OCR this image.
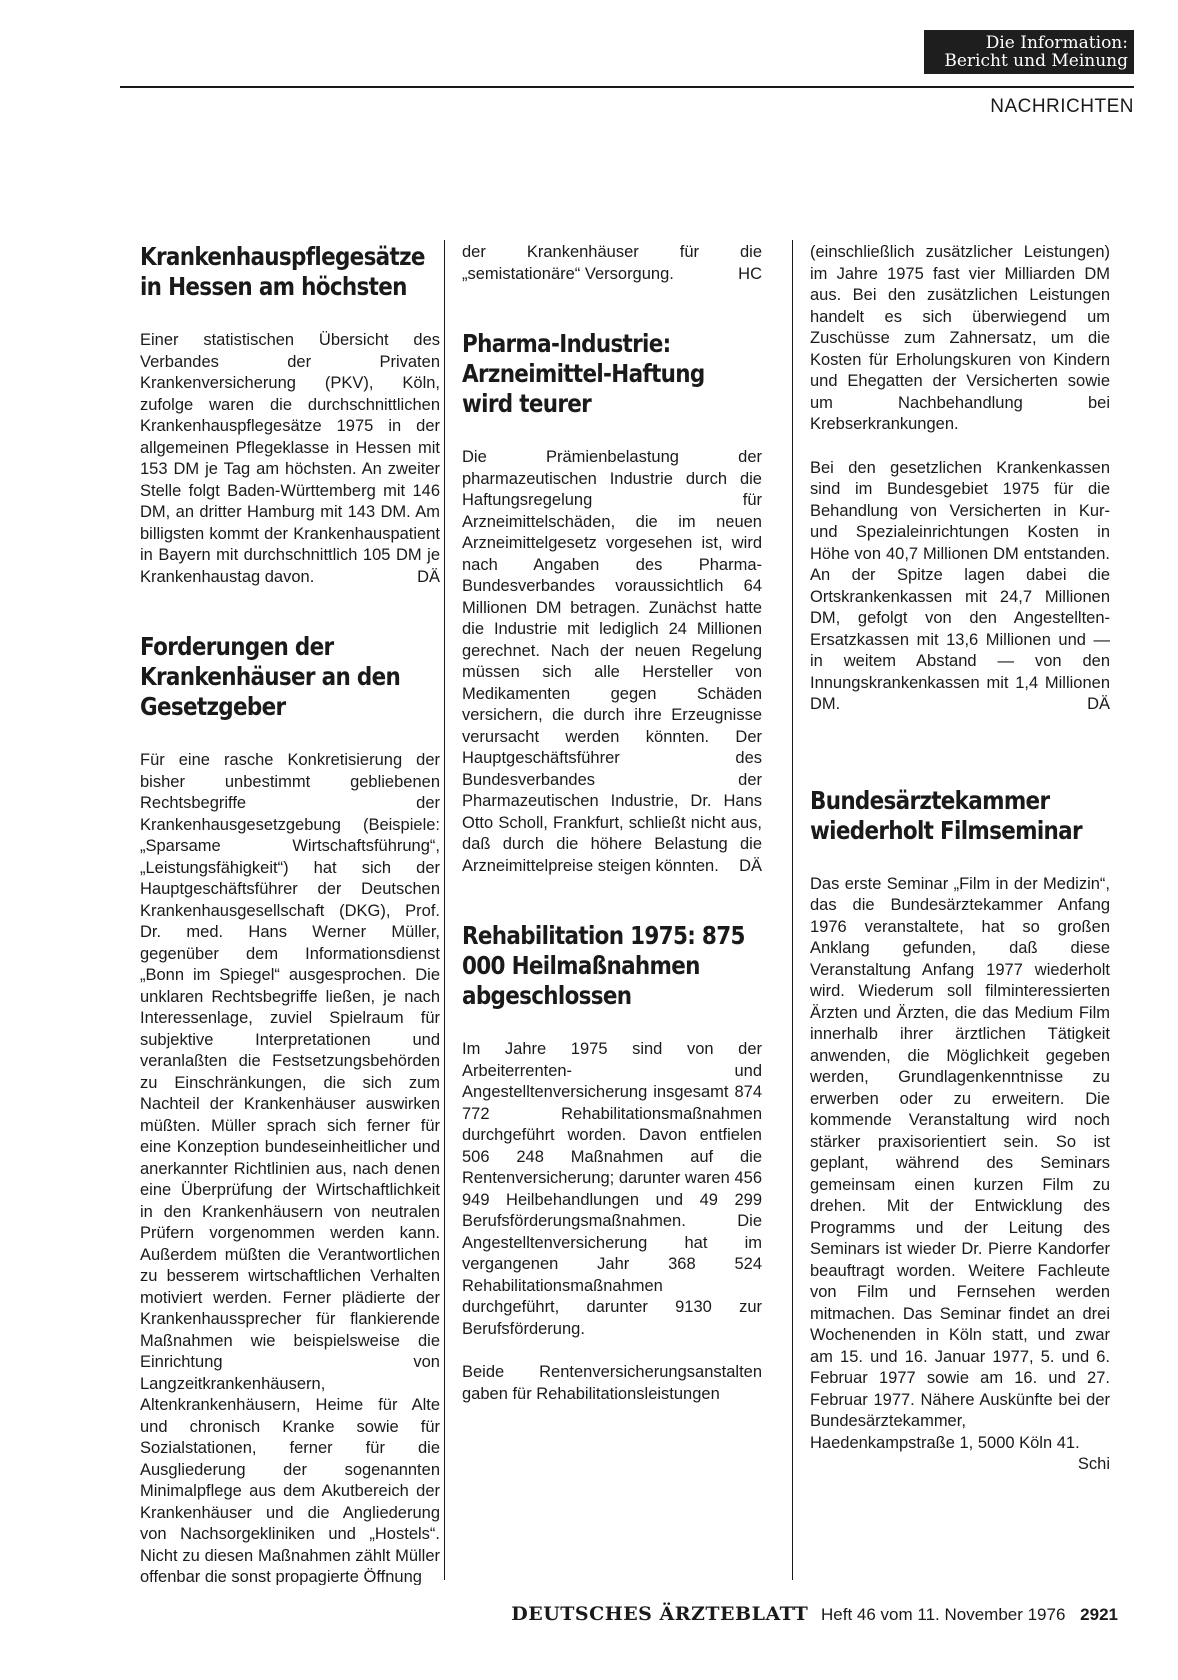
Die Information:
Bericht und Meinung
NACHRICHTEN
Krankenhauspflegesätze in Hessen am höchsten

Einer statistischen Übersicht des Verbandes der Privaten Krankenversicherung (PKV), Köln, zufolge waren die durchschnittlichen Krankenhauspflegesätze 1975 in der allgemeinen Pflegeklasse in Hessen mit 153 DM je Tag am höchsten. An zweiter Stelle folgt Baden-Württemberg mit 146 DM, an dritter Hamburg mit 143 DM. Am billigsten kommt der Krankenhauspatient in Bayern mit durchschnittlich 105 DM je Krankenhaustag davon.	DÄ

Forderungen der Krankenhäuser an den Gesetzgeber

Für eine rasche Konkretisierung der bisher unbestimmt gebliebenen Rechtsbegriffe der Krankenhausgesetzgebung (Beispiele: „Sparsame Wirtschaftsführung“, „Leistungsfähigkeit“) hat sich der Hauptgeschäftsführer der Deutschen Krankenhausgesellschaft (DKG), Prof. Dr. med. Hans Werner Müller, gegenüber dem Informationsdienst „Bonn im Spiegel“ ausgesprochen. Die unklaren Rechtsbegriffe ließen, je nach Interessenlage, zuviel Spielraum für subjektive Interpretationen und veranlaßten die Festsetzungsbehörden zu Einschränkungen, die sich zum Nachteil der Krankenhäuser auswirken müßten. Müller sprach sich ferner für eine Konzeption bundeseinheitlicher und anerkannter Richtlinien aus, nach denen eine Überprüfung der Wirtschaftlichkeit in den Krankenhäusern von neutralen Prüfern vorgenommen werden kann. Außerdem müßten die Verantwortlichen zu besserem wirtschaftlichen Verhalten motiviert werden. Ferner plädierte der Krankenhaussprecher für flankierende Maßnahmen wie beispielsweise die Einrichtung von Langzeitkrankenhäusern, Altenkrankenhäusern, Heime für Alte und chronisch Kranke sowie für Sozialstationen, ferner für die Ausgliederung der sogenannten Minimalpflege aus dem Akutbereich der Krankenhäuser und die Angliederung von Nachsorgekliniken und „Hostels“. Nicht zu diesen Maßnahmen zählt Müller offenbar die sonst propagierte Öffnung

der Krankenhäuser für die „semistationäre“ Versorgung.	HC

Pharma-Industrie: Arzneimittel-Haftung wird teurer

Die Prämienbelastung der pharmazeutischen Industrie durch die Haftungsregelung für Arzneimittelschäden, die im neuen Arzneimittelgesetz vorgesehen ist, wird nach Angaben des Pharma-Bundesverbandes voraussichtlich 64 Millionen DM betragen. Zunächst hatte die Industrie mit lediglich 24 Millionen gerechnet. Nach der neuen Regelung müssen sich alle Hersteller von Medikamenten gegen Schäden versichern, die durch ihre Erzeugnisse verursacht werden könnten. Der Hauptgeschäftsführer des Bundesverbandes der Pharmazeutischen Industrie, Dr. Hans Otto Scholl, Frankfurt, schließt nicht aus, daß durch die höhere Belastung die Arzneimittelpreise steigen könnten. DÄ

Rehabilitation 1975: 875 000 Heilmaßnahmen abgeschlossen

Im Jahre 1975 sind von der Arbeiterrenten- und Angestelltenversicherung insgesamt 874 772 Rehabilitationsmaßnahmen durchgeführt worden. Davon entfielen 506 248 Maßnahmen auf die Rentenversicherung; darunter waren 456 949 Heilbehandlungen und 49 299 Berufsförderungsmaßnahmen. Die Angestelltenversicherung hat im vergangenen Jahr 368 524 Rehabilitationsmaßnahmen durchgeführt, darunter 9130 zur Berufsförderung.

Beide Rentenversicherungsanstalten gaben für Rehabilitationsleistungen

(einschließlich zusätzlicher Leistungen) im Jahre 1975 fast vier Milliarden DM aus. Bei den zusätzlichen Leistungen handelt es sich überwiegend um Zuschüsse zum Zahnersatz, um die Kosten für Erholungskuren von Kindern und Ehegatten der Versicherten sowie um Nachbehandlung bei Krebserkrankungen.

Bei den gesetzlichen Krankenkassen sind im Bundesgebiet 1975 für die Behandlung von Versicherten in Kur- und Spezialeinrichtungen Kosten in Höhe von 40,7 Millionen DM entstanden. An der Spitze lagen dabei die Ortskrankenkassen mit 24,7 Millionen DM, gefolgt von den Angestellten-Ersatzkassen mit 13,6 Millionen und — in weitem Abstand — von den Innungskrankenkassen mit 1,4 Millionen DM.	DÄ

Bundesärztekammer wiederholt Filmseminar

Das erste Seminar „Film in der Medizin“, das die Bundesärztekammer Anfang 1976 veranstaltete, hat so großen Anklang gefunden, daß diese Veranstaltung Anfang 1977 wiederholt wird. Wiederum soll filminteressierten Ärzten und Ärzten, die das Medium Film innerhalb ihrer ärztlichen Tätigkeit anwenden, die Möglichkeit gegeben werden, Grundlagenkenntnisse zu erwerben oder zu erweitern. Die kommende Veranstaltung wird noch stärker praxisorientiert sein. So ist geplant, während des Seminars gemeinsam einen kurzen Film zu drehen. Mit der Entwicklung des Programms und der Leitung des Seminars ist wieder Dr. Pierre Kandorfer beauftragt worden. Weitere Fachleute von Film und Fernsehen werden mitmachen. Das Seminar findet an drei Wochenenden in Köln statt, und zwar am 15. und 16. Januar 1977, 5. und 6. Februar 1977 sowie am 16. und 27. Februar 1977. Nähere Auskünfte bei der Bundesärztekammer, Haedenkampstraße 1, 5000 Köln 41.
Schi

DEUTSCHES ÄRZTEBLATT Heft 46 vom 11. November 1976 2921
